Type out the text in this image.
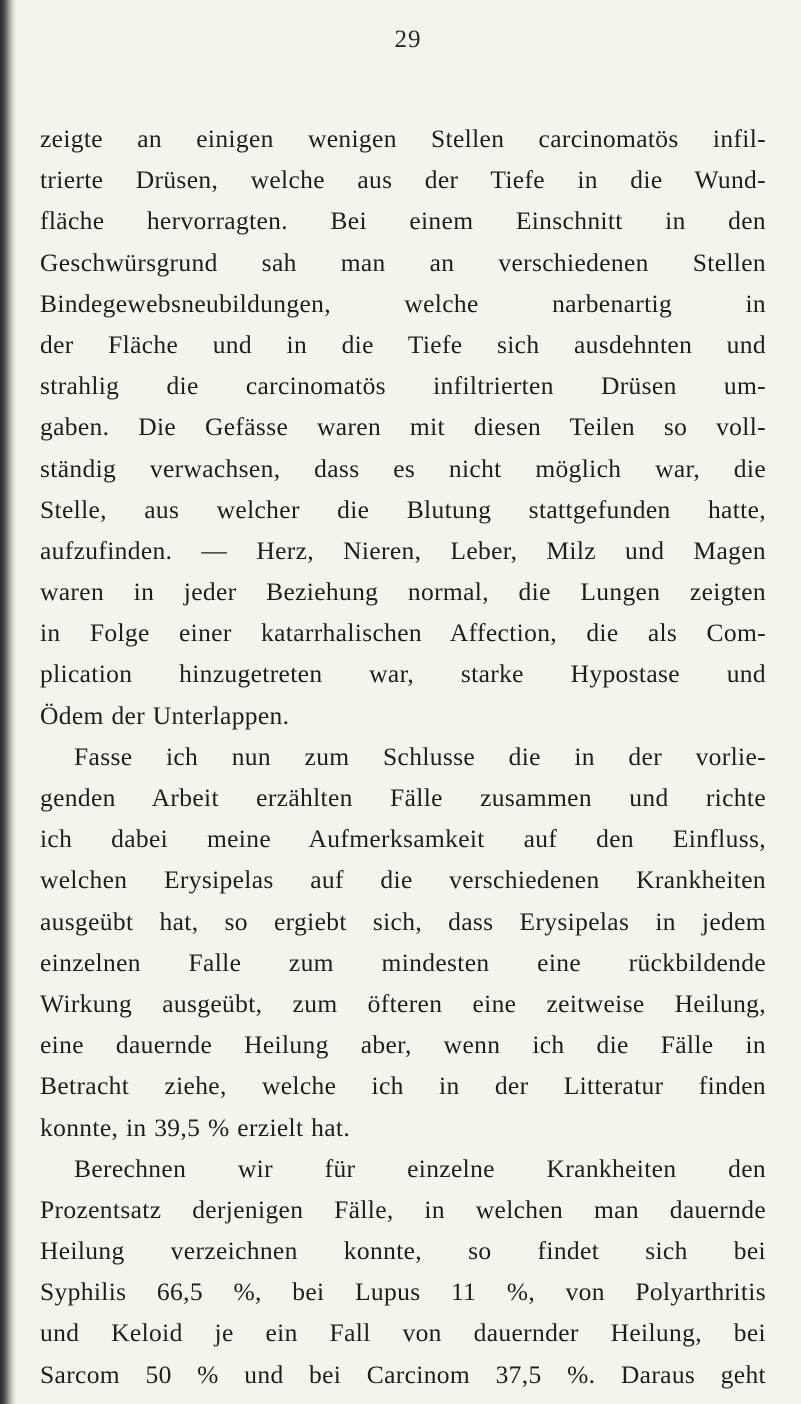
29
zeigte an einigen wenigen Stellen carcinomatös infil-
trierte Drüsen, welche aus der Tiefe in die Wund-
fläche hervorragten. Bei einem Einschnitt in den
Geschwürsgrund sah man an verschiedenen Stellen
Bindegewebsneubildungen, welche narbenartig in
der Fläche und in die Tiefe sich ausdehnten und
strahlig die carcinomatös infiltrierten Drüsen um-
gaben. Die Gefässe waren mit diesen Teilen so voll-
ständig verwachsen, dass es nicht möglich war, die
Stelle, aus welcher die Blutung stattgefunden hatte,
aufzufinden. — Herz, Nieren, Leber, Milz und Magen
waren in jeder Beziehung normal, die Lungen zeigten
in Folge einer katarrhalischen Affection, die als Com-
plication hinzugetreten war, starke Hypostase und
Ödem der Unterlappen.
Fasse ich nun zum Schlusse die in der vorlie-
genden Arbeit erzählten Fälle zusammen und richte
ich dabei meine Aufmerksamkeit auf den Einfluss,
welchen Erysipelas auf die verschiedenen Krankheiten
ausgeübt hat, so ergiebt sich, dass Erysipelas in jedem
einzelnen Falle zum mindesten eine rückbildende
Wirkung ausgeübt, zum öfteren eine zeitweise Heilung,
eine dauernde Heilung aber, wenn ich die Fälle in
Betracht ziehe, welche ich in der Litteratur finden
konnte, in 39,5 % erzielt hat.
Berechnen wir für einzelne Krankheiten den
Prozentsatz derjenigen Fälle, in welchen man dauernde
Heilung verzeichnen konnte, so findet sich bei
Syphilis 66,5 %, bei Lupus 11 %, von Polyarthritis
und Keloid je ein Fall von dauernder Heilung, bei
Sarcom 50 % und bei Carcinom 37,5 %. Daraus geht
